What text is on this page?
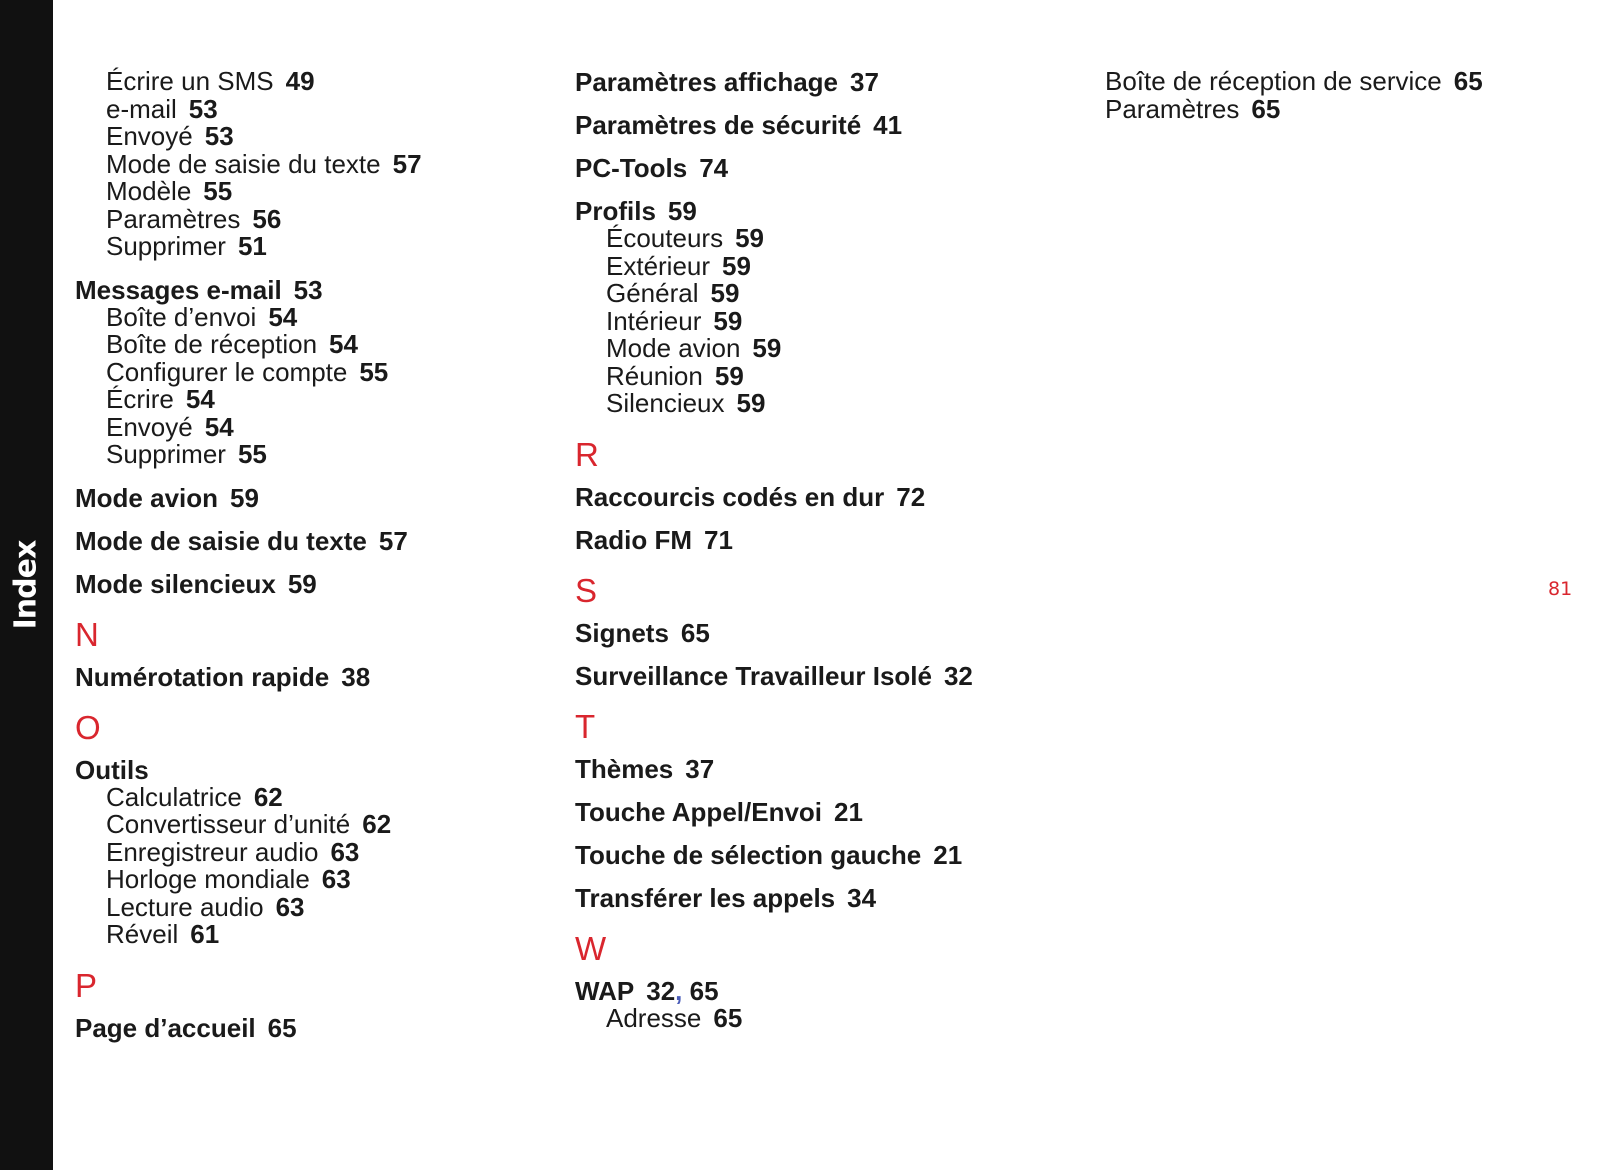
Index	81
Écrire un SMS 49
e-mail 53
Envoyé 53
Mode de saisie du texte 57
Modèle 55
Paramètres 56
Supprimer 51
Messages e-mail 53
Boîte d’envoi 54
Boîte de réception 54
Configurer le compte 55
Écrire 54
Envoyé 54
Supprimer 55
Mode avion 59
Mode de saisie du texte 57
Mode silencieux 59
N
Numérotation rapide 38
O
Outils
Calculatrice 62
Convertisseur d’unité 62
Enregistreur audio 63
Horloge mondiale 63
Lecture audio 63
Réveil 61
P
Page d’accueil 65
Paramètres affichage 37
Paramètres de sécurité 41
PC-Tools 74
Profils 59
Écouteurs 59
Extérieur 59
Général 59
Intérieur 59
Mode avion 59
Réunion 59
Silencieux 59
R
Raccourcis codés en dur 72
Radio FM 71
S
Signets 65
Surveillance Travailleur Isolé 32
T
Thèmes 37
Touche Appel/Envoi 21
Touche de sélection gauche 21
Transférer les appels 34
W
WAP 32, 65
Adresse 65
Boîte de réception de service 65
Paramètres 65
